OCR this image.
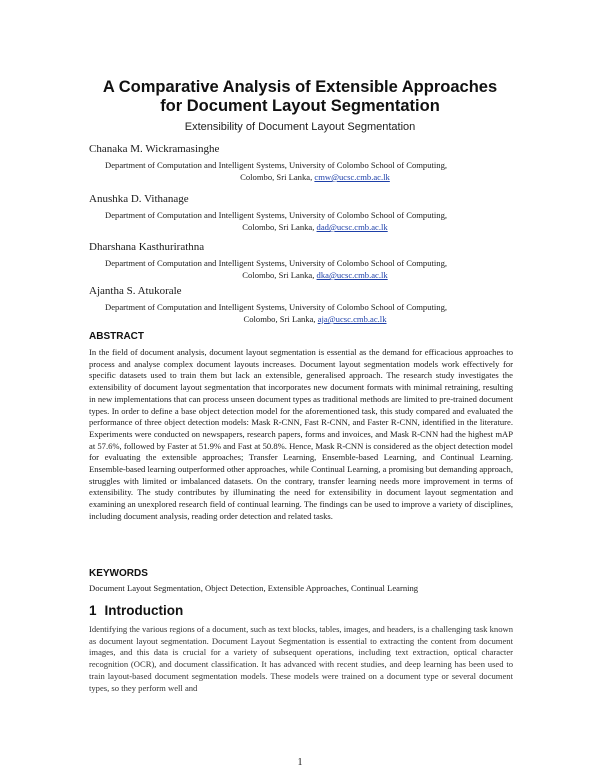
A Comparative Analysis of Extensible Approaches
for Document Layout Segmentation
Extensibility of Document Layout Segmentation
Chanaka M. Wickramasinghe
Department of Computation and Intelligent Systems, University of Colombo School of Computing,
Colombo, Sri Lanka, cmw@ucsc.cmb.ac.lk
Anushka D. Vithanage
Department of Computation and Intelligent Systems, University of Colombo School of Computing,
Colombo, Sri Lanka, dad@ucsc.cmb.ac.lk
Dharshana Kasthurirathna
Department of Computation and Intelligent Systems, University of Colombo School of Computing,
Colombo, Sri Lanka, dka@ucsc.cmb.ac.lk
Ajantha S. Atukorale
Department of Computation and Intelligent Systems, University of Colombo School of Computing,
Colombo, Sri Lanka, aja@ucsc.cmb.ac.lk
ABSTRACT
In the field of document analysis, document layout segmentation is essential as the demand for efficacious approaches to process and analyse complex document layouts increases. Document layout segmentation models work effectively for specific datasets used to train them but lack an extensible, generalised approach. The research study investigates the extensibility of document layout segmentation that incorporates new document formats with minimal retraining, resulting in new implementations that can process unseen document types as traditional methods are limited to pre-trained document types. In order to define a base object detection model for the aforementioned task, this study compared and evaluated the performance of three object detection models: Mask R-CNN, Fast R-CNN, and Faster R-CNN, identified in the literature. Experiments were conducted on newspapers, research papers, forms and invoices, and Mask R-CNN had the highest mAP at 57.6%, followed by Faster at 51.9% and Fast at 50.8%. Hence, Mask R-CNN is considered as the object detection model for evaluating the extensible approaches; Transfer Learning, Ensemble-based Learning, and Continual Learning. Ensemble-based learning outperformed other approaches, while Continual Learning, a promising but demanding approach, struggles with limited or imbalanced datasets. On the contrary, transfer learning needs more improvement in terms of extensibility. The study contributes by illuminating the need for extensibility in document layout segmentation and examining an unexplored research field of continual learning. The findings can be used to improve a variety of disciplines, including document analysis, reading order detection and related tasks.
KEYWORDS
Document Layout Segmentation, Object Detection, Extensible Approaches, Continual Learning
1 Introduction
Identifying the various regions of a document, such as text blocks, tables, images, and headers, is a challenging task known as document layout segmentation. Document Layout Segmentation is essential to extracting the content from document images, and this data is crucial for a variety of subsequent operations, including text extraction, optical character recognition (OCR), and document classification. It has advanced with recent studies, and deep learning has been used to train layout-based document segmentation models. These models were trained on a document type or several document types, so they perform well and
1
